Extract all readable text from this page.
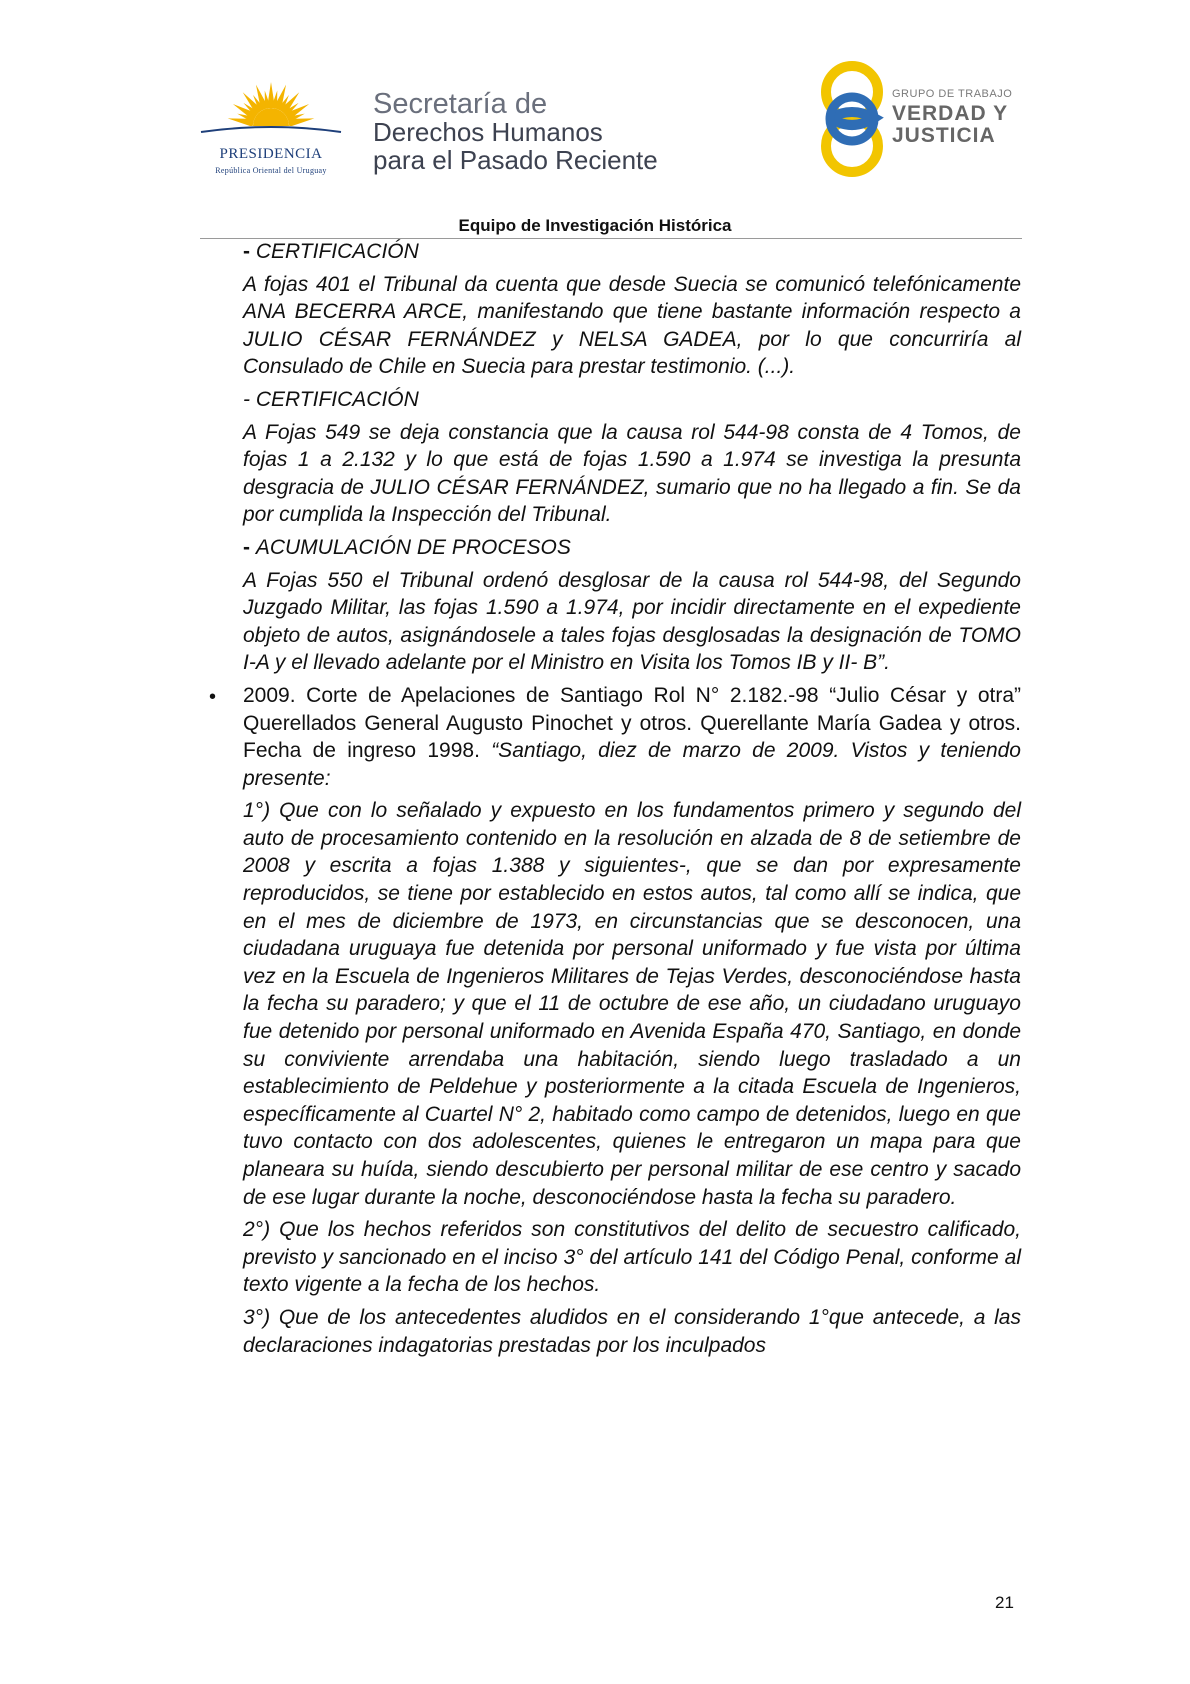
PRESIDENCIA
República Oriental del Uruguay
Secretaría de
Derechos Humanos
para el Pasado Reciente
GRUPO DE TRABAJO
VERDAD Y
JUSTICIA
Equipo de Investigación Histórica

- CERTIFICACIÓN

A fojas 401 el Tribunal da cuenta que desde Suecia se comunicó telefónicamente ANA BECERRA ARCE, manifestando que tiene bastante información respecto a JULIO CÉSAR FERNÁNDEZ y NELSA GADEA, por lo que concurriría al Consulado de Chile en Suecia para prestar testimonio. (...).

- CERTIFICACIÓN

A Fojas 549 se deja constancia que la causa rol 544-98 consta de 4 Tomos, de fojas 1 a 2.132 y lo que está de fojas 1.590 a 1.974 se investiga la presunta desgracia de JULIO CÉSAR FERNÁNDEZ, sumario que no ha llegado a fin. Se da por cumplida la Inspección del Tribunal.

- ACUMULACIÓN DE PROCESOS

A Fojas 550 el Tribunal ordenó desglosar de la causa rol 544-98, del Segundo Juzgado Militar, las fojas 1.590 a 1.974, por incidir directamente en el expediente objeto de autos, asignándosele a tales fojas desglosadas la designación de TOMO I-A y el llevado adelante por el Ministro en Visita los Tomos IB y II- B”.

• 2009. Corte de Apelaciones de Santiago Rol N° 2.182.-98 “Julio César y otra” Querellados General Augusto Pinochet y otros. Querellante María Gadea y otros. Fecha de ingreso 1998. “Santiago, diez de marzo de 2009. Vistos y teniendo presente:

1°) Que con lo señalado y expuesto en los fundamentos primero y segundo del auto de procesamiento contenido en la resolución en alzada de 8 de setiembre de 2008 y escrita a fojas 1.388 y siguientes-, que se dan por expresamente reproducidos, se tiene por establecido en estos autos, tal como allí se indica, que en el mes de diciembre de 1973, en circunstancias que se desconocen, una ciudadana uruguaya fue detenida por personal uniformado y fue vista por última vez en la Escuela de Ingenieros Militares de Tejas Verdes, desconociéndose hasta la fecha su paradero; y que el 11 de octubre de ese año, un ciudadano uruguayo fue detenido por personal uniformado en Avenida España 470, Santiago, en donde su conviviente arrendaba una habitación, siendo luego trasladado a un establecimiento de Peldehue y posteriormente a la citada Escuela de Ingenieros, específicamente al Cuartel N° 2, habitado como campo de detenidos, luego en que tuvo contacto con dos adolescentes, quienes le entregaron un mapa para que planeara su huída, siendo descubierto per personal militar de ese centro y sacado de ese lugar durante la noche, desconociéndose hasta la fecha su paradero.

2°) Que los hechos referidos son constitutivos del delito de secuestro calificado, previsto y sancionado en el inciso 3° del artículo 141 del Código Penal, conforme al texto vigente a la fecha de los hechos.

3°) Que de los antecedentes aludidos en el considerando 1°que antecede, a las declaraciones indagatorias prestadas por los inculpados

21
